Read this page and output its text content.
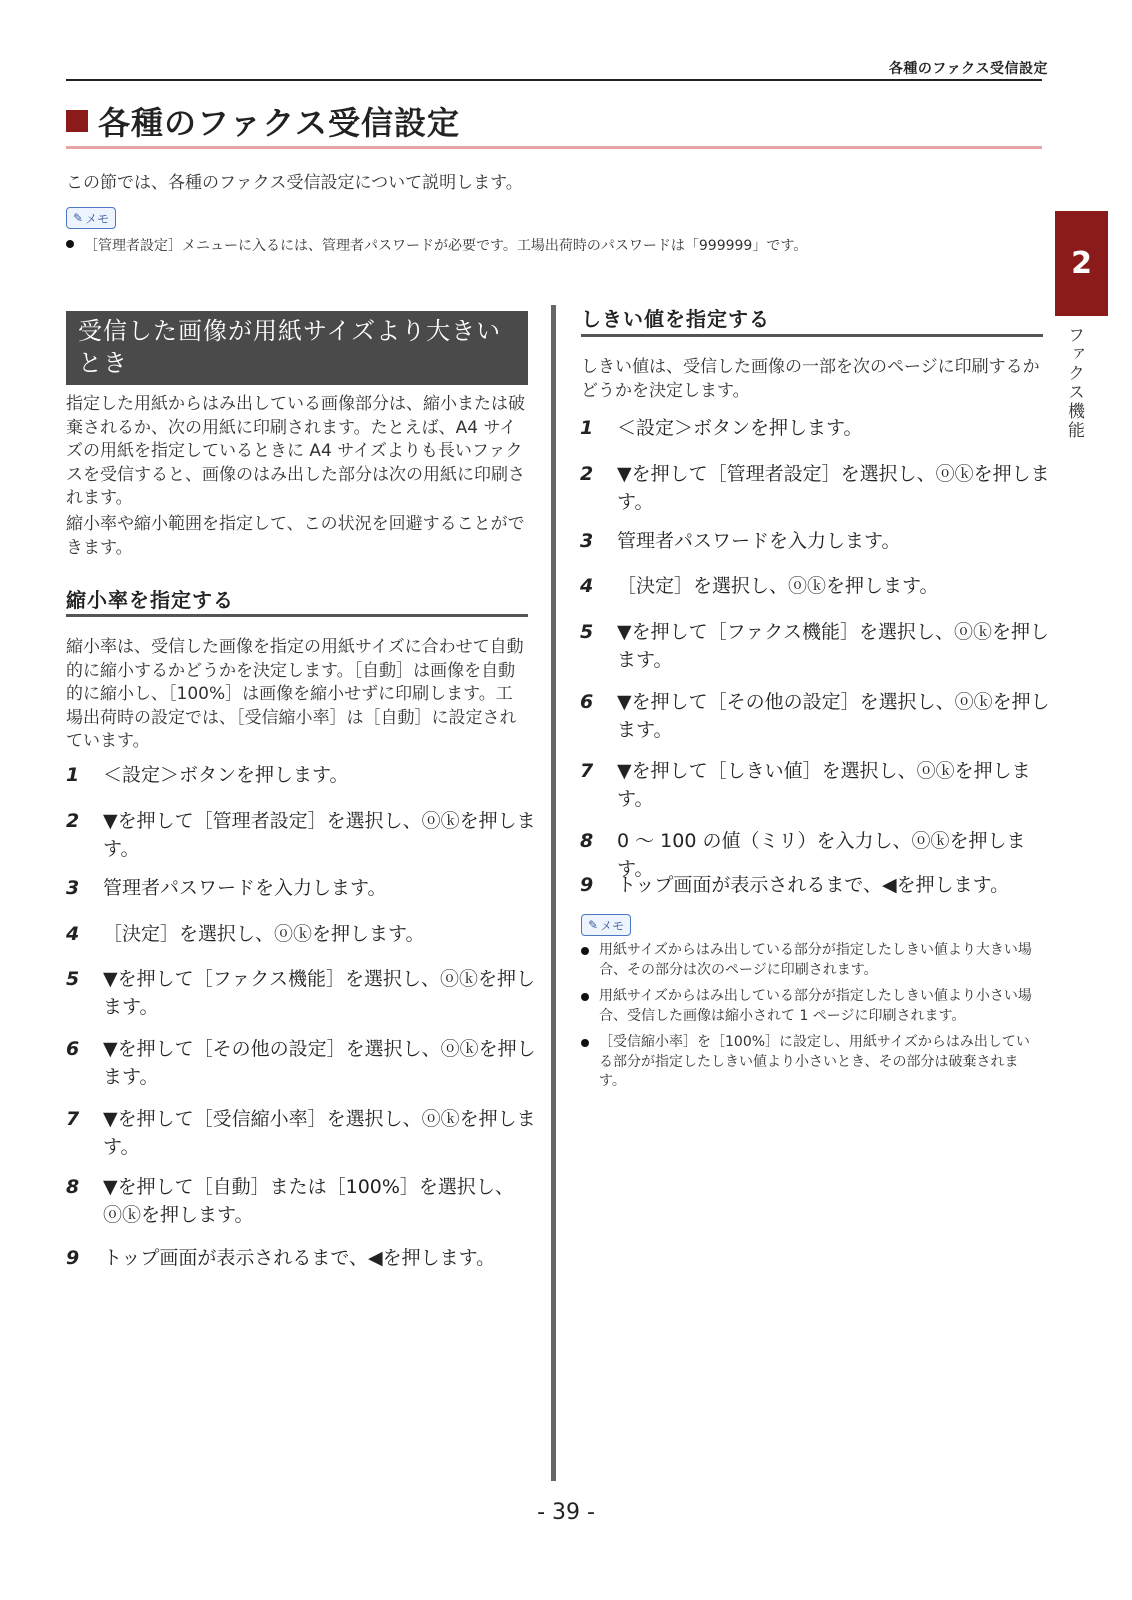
各種のファクス受信設定
各種のファクス受信設定
この節では、各種のファクス受信設定について説明します。
✎ メモ
［管理者設定］メニューに入るには、管理者パスワードが必要です。工場出荷時のパスワードは「999999」です。	2
ファクス機能
受信した画像が用紙サイズより大きいとき
指定した用紙からはみ出している画像部分は、縮小または破棄されるか、次の用紙に印刷されます。たとえば、A4 サイズの用紙を指定しているときに A4 サイズよりも長いファクスを受信すると、画像のはみ出した部分は次の用紙に印刷されます。
縮小率や縮小範囲を指定して、この状況を回避することができます。
縮小率を指定する
縮小率は、受信した画像を指定の用紙サイズに合わせて自動的に縮小するかどうかを決定します。［自動］は画像を自動的に縮小し、［100%］は画像を縮小せずに印刷します。工場出荷時の設定では、［受信縮小率］は［自動］に設定されています。
1	＜設定＞ボタンを押します。
2	▼を押して［管理者設定］を選択し、ⓞⓚを押します。
3	管理者パスワードを入力します。
4	［決定］を選択し、ⓞⓚを押します。
5	▼を押して［ファクス機能］を選択し、ⓞⓚを押します。
6	▼を押して［その他の設定］を選択し、ⓞⓚを押します。
7	▼を押して［受信縮小率］を選択し、ⓞⓚを押します。
8	▼を押して［自動］または［100%］を選択し、ⓞⓚを押します。
9	トップ画面が表示されるまで、◀を押します。
しきい値を指定する
しきい値は、受信した画像の一部を次のページに印刷するかどうかを決定します。
1	＜設定＞ボタンを押します。
2	▼を押して［管理者設定］を選択し、ⓞⓚを押します。
3	管理者パスワードを入力します。
4	［決定］を選択し、ⓞⓚを押します。
5	▼を押して［ファクス機能］を選択し、ⓞⓚを押します。
6	▼を押して［その他の設定］を選択し、ⓞⓚを押します。
7	▼を押して［しきい値］を選択し、ⓞⓚを押します。
8	0 ～ 100 の値（ミリ）を入力し、ⓞⓚを押します。
9	トップ画面が表示されるまで、◀を押します。
✎ メモ
用紙サイズからはみ出している部分が指定したしきい値より大きい場合、その部分は次のページに印刷されます。
用紙サイズからはみ出している部分が指定したしきい値より小さい場合、受信した画像は縮小されて 1 ページに印刷されます。
［受信縮小率］を［100%］に設定し、用紙サイズからはみ出している部分が指定したしきい値より小さいとき、その部分は破棄されます。
- 39 -
